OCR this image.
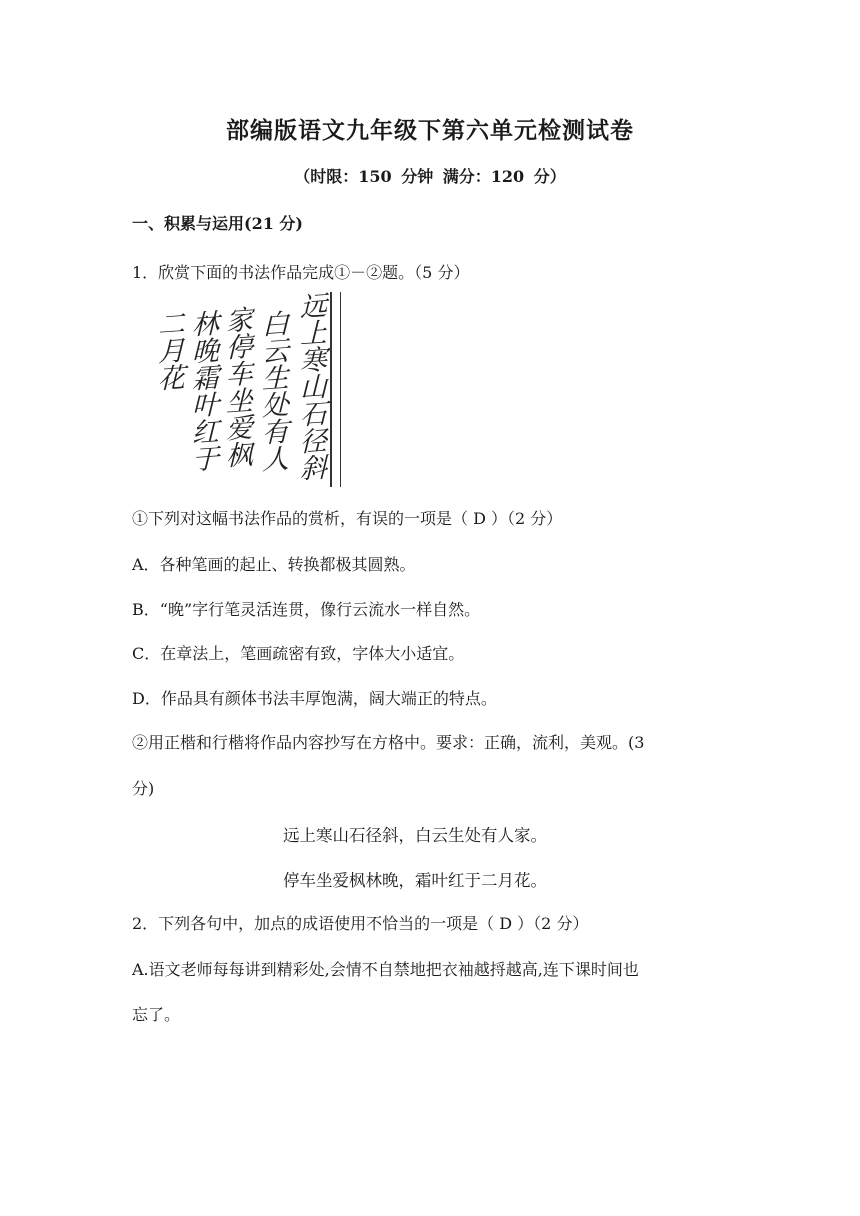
部编版语文九年级下第六单元检测试卷
（时限：150 分钟 满分：120 分）
一、积累与运用(21 分)
1．欣赏下面的书法作品完成①－②题。（5 分）
远上寒山石径斜
白云生处有人
家停车坐爱枫
林晚霜叶红于
二月花
①下列对这幅书法作品的赏析，有误的一项是（ D ）（2 分）
A．各种笔画的起止、转换都极其圆熟。
B．“晚”字行笔灵活连贯，像行云流水一样自然。
C．在章法上，笔画疏密有致，字体大小适宜。
D．作品具有颜体书法丰厚饱满，阔大端正的特点。
②用正楷和行楷将作品内容抄写在方格中。要求：正确，流利，美观。(3
分)
远上寒山石径斜，白云生处有人家。
停车坐爱枫林晚，霜叶红于二月花。
2．下列各句中，加点的成语使用不恰当的一项是（ D ）（2 分）
A.语文老师每每讲到精彩处,会情不自禁地把衣袖越捋越高,连下课时间也
忘了。
